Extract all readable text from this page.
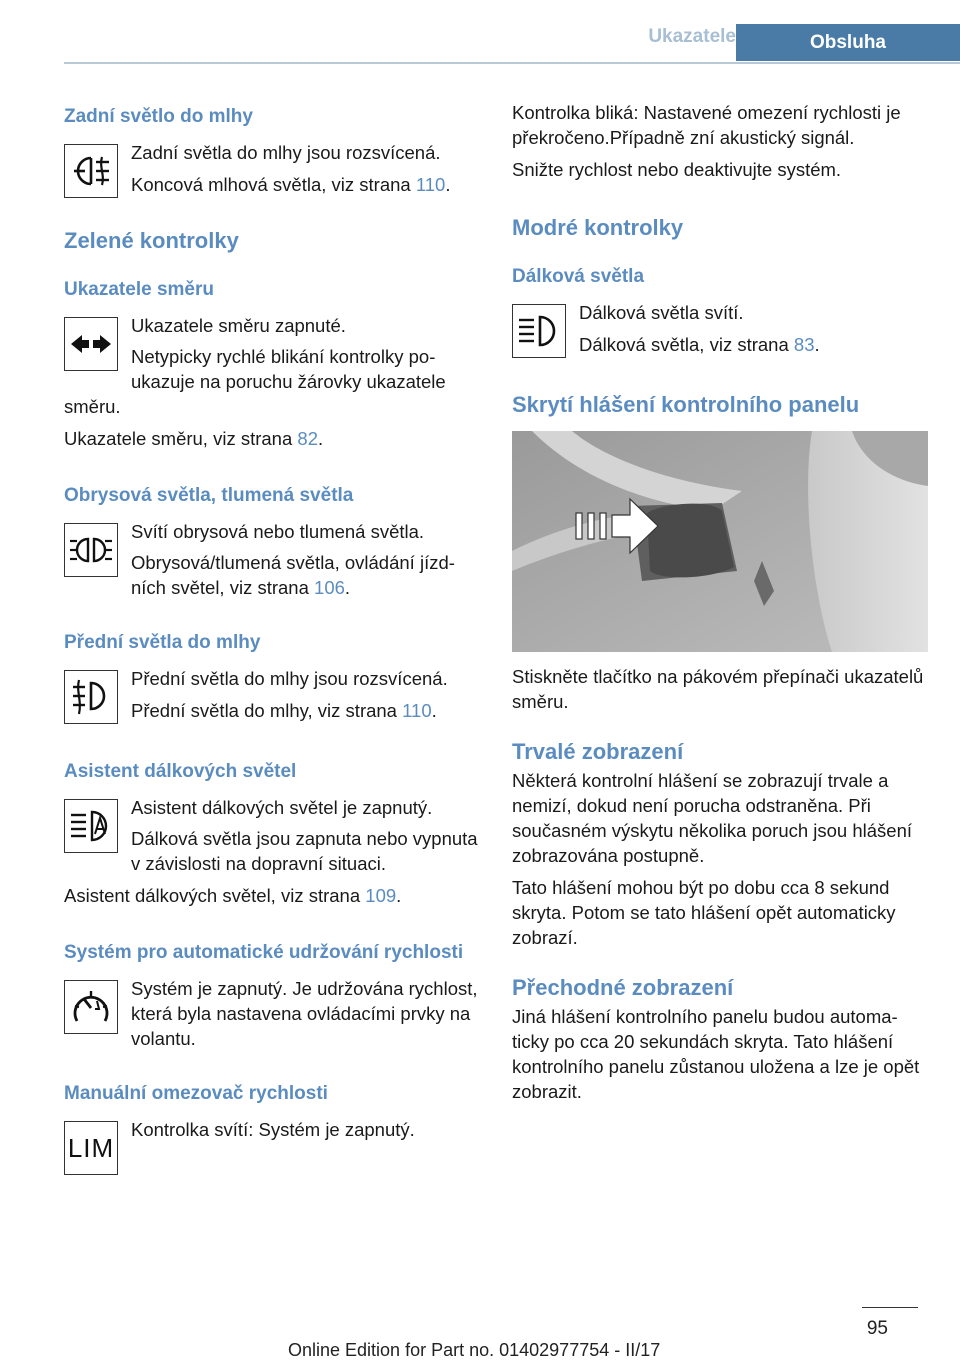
Ukazatele	Obsluha
Zadní světlo do mlhy

Zadní světla do mlhy jsou rozsvícená.

Koncová mlhová světla, viz strana 110.

Zelené kontrolky
Ukazatele směru

Ukazatele směru zapnuté.

Netypicky rychlé blikání kontrolky poukazuje na poruchu žárovky ukazatele

směru.

Ukazatele směru, viz strana 82.

Obrysová světla, tlumená světla

Svítí obrysová nebo tlumená světla.

Obrysová/tlumená světla, ovládání jízdních světel, viz strana 106.

Přední světla do mlhy

Přední světla do mlhy jsou rozsvícená.

Přední světla do mlhy, viz strana 110.

Asistent dálkových světel

Asistent dálkových světel je zapnutý.

Dálková světla jsou zapnuta nebo vypnuta v závislosti na dopravní situaci.

Asistent dálkových světel, viz strana 109.

Systém pro automatické udržování rychlosti

Systém je zapnutý. Je udržována rychlost, která byla nastavena ovládacími prvky na volantu.

Manuální omezovač rychlosti
LIM

Kontrolka svítí: Systém je zapnutý.

Kontrolka bliká: Nastavené omezení rychlosti je překročeno.Případně zní akustický signál.

Snižte rychlost nebo deaktivujte systém.

Modré kontrolky
Dálková světla

Dálková světla svítí.

Dálková světla, viz strana 83.

Skrytí hlášení kontrolního panelu

Stiskněte tlačítko na pákovém přepínači ukazatelů směru.

Trvalé zobrazení

Některá kontrolní hlášení se zobrazují trvale a nemizí, dokud není porucha odstraněna. Při současném výskytu několika poruch jsou hlášení zobrazována postupně.

Tato hlášení mohou být po dobu cca 8 sekund skryta. Potom se tato hlášení opět automaticky zobrazí.

Přechodné zobrazení

Jiná hlášení kontrolního panelu budou automaticky po cca 20 sekundách skryta. Tato hlášení kontrolního panelu zůstanou uložena a lze je opět zobrazit.

95
Online Edition for Part no. 01402977754 - II/17
